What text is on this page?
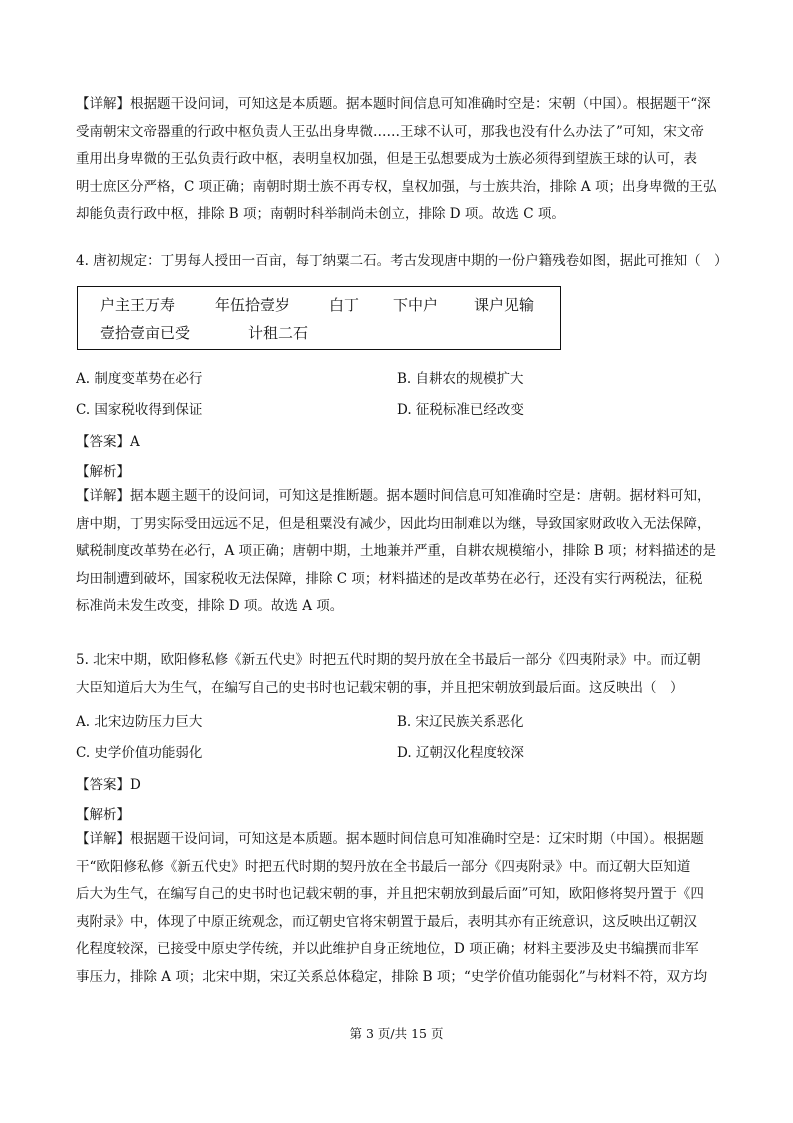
【详解】根据题干设问词，可知这是本质题。据本题时间信息可知准确时空是：宋朝（中国）。根据题干“深
受南朝宋文帝器重的行政中枢负责人王弘出身卑微……王球不认可，那我也没有什么办法了”可知，宋文帝
重用出身卑微的王弘负责行政中枢，表明皇权加强，但是王弘想要成为士族必须得到望族王球的认可，表
明士庶区分严格，C 项正确；南朝时期士族不再专权，皇权加强，与士族共治，排除 A 项；出身卑微的王弘
却能负责行政中枢，排除 B 项；南朝时科举制尚未创立，排除 D 项。故选 C 项。
4. 唐初规定：丁男每人授田一百亩，每丁纳粟二石。考古发现唐中期的一份户籍残卷如图，据此可推知（　）
户主王万寿	年伍拾壹岁	白丁 下中户 课户见输
壹拾壹亩已受	计租二石
A. 制度变革势在必行	B. 自耕农的规模扩大
C. 国家税收得到保证	D. 征税标准已经改变
【答案】A
【解析】
【详解】据本题主题干的设问词，可知这是推断题。据本题时间信息可知准确时空是：唐朝。据材料可知，
唐中期，丁男实际受田远远不足，但是租粟没有减少，因此均田制难以为继，导致国家财政收入无法保障，
赋税制度改革势在必行，A 项正确；唐朝中期，土地兼并严重，自耕农规模缩小，排除 B 项；材料描述的是
均田制遭到破坏，国家税收无法保障，排除 C 项；材料描述的是改革势在必行，还没有实行两税法，征税
标准尚未发生改变，排除 D 项。故选 A 项。
5. 北宋中期，欧阳修私修《新五代史》时把五代时期的契丹放在全书最后一部分《四夷附录》中。而辽朝
大臣知道后大为生气，在编写自己的史书时也记载宋朝的事，并且把宋朝放到最后面。这反映出（　）
A. 北宋边防压力巨大	B. 宋辽民族关系恶化
C. 史学价值功能弱化	D. 辽朝汉化程度较深
【答案】D
【解析】
【详解】根据题干设问词，可知这是本质题。据本题时间信息可知准确时空是：辽宋时期（中国）。根据题
干“欧阳修私修《新五代史》时把五代时期的契丹放在全书最后一部分《四夷附录》中。而辽朝大臣知道
后大为生气，在编写自己的史书时也记载宋朝的事，并且把宋朝放到最后面”可知，欧阳修将契丹置于《四
夷附录》中，体现了中原正统观念，而辽朝史官将宋朝置于最后，表明其亦有正统意识，这反映出辽朝汉
化程度较深，已接受中原史学传统，并以此维护自身正统地位，D 项正确；材料主要涉及史书编撰而非军
事压力，排除 A 项；北宋中期，宋辽关系总体稳定，排除 B 项；“史学价值功能弱化”与材料不符，双方均
第 3 页/共 15 页
